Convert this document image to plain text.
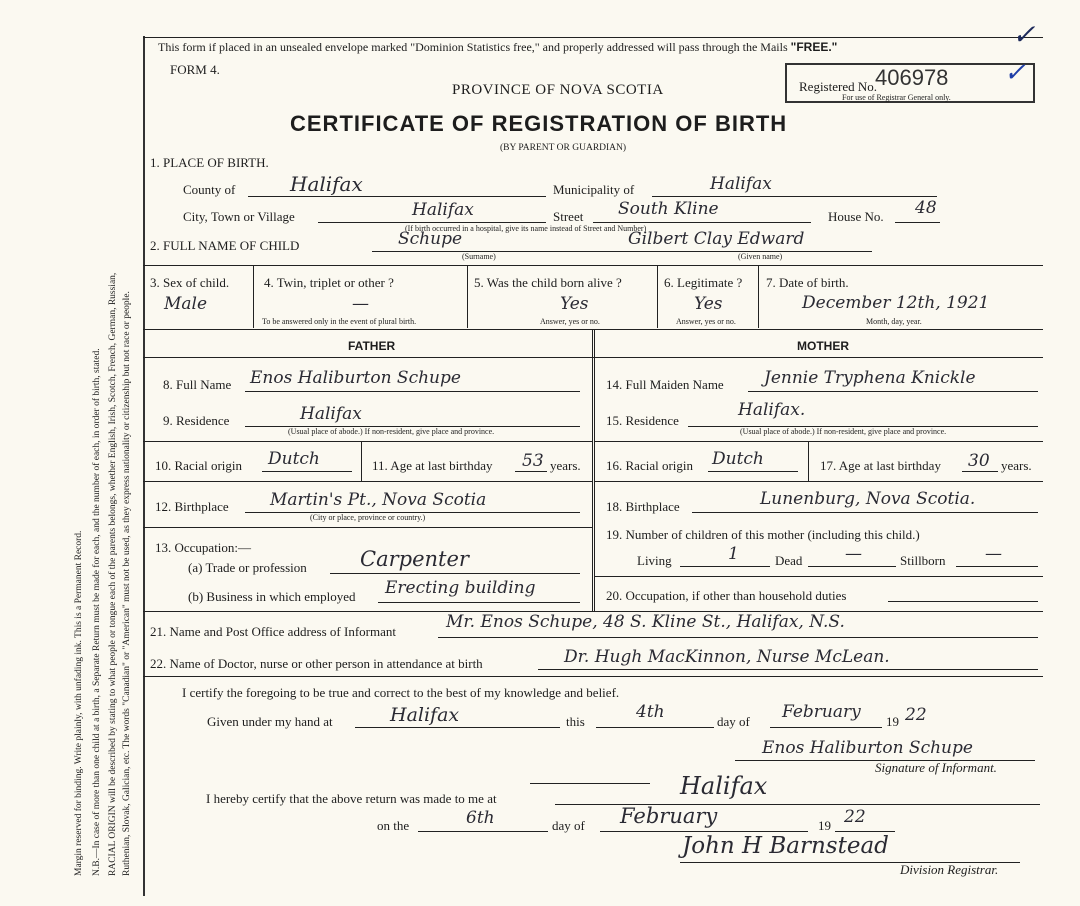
Margin reserved for binding. Write plainly, with unfading ink. This is a Permanent Record. N.B.—In case of more than one child at a birth, a Separate Return must be made for each, and the number of each, in order of birth, stated. RACIAL ORIGIN will be described by stating to what people or tongue each of the parents belongs, whether English, Irish, Scotch, French, German, Russian, Ruthenian, Slovak, Galician, etc. The words "Canadian" or "American" must not be used, as they express nationality or citizenship but not race or people.
This form if placed in an unsealed envelope marked "Dominion Statistics free," and properly addressed will pass through the Mails "FREE."
FORM 4.
PROVINCE OF NOVA SCOTIA
CERTIFICATE OF REGISTRATION OF BIRTH
(BY PARENT OR GUARDIAN)
Registered No.
406978
For use of Registrar General only.
✓
✓
1. PLACE OF BIRTH.
County of	Halifax	Municipality of	Halifax
City, Town or Village	Halifax	Street South Kline	House No. 48
(If birth occurred in a hospital, give its name instead of Street and Number)
2. FULL NAME OF CHILD	Schupe	Gilbert Clay Edward
(Surname)	(Given name)
3. Sex of child.
Male
4. Twin, triplet or other ?
—
To be answered only in the event of plural birth.
5. Was the child born alive ?
Yes
Answer, yes or no.
6. Legitimate ?
Yes
Answer, yes or no.
7. Date of birth.
December 12th, 1921
Month, day, year.
FATHER	MOTHER
8. Full Name Enos Haliburton Schupe
9. Residence	Halifax
(Usual place of abode.) If non-resident, give place and province.
10. Racial origin Dutch	11. Age at last birthday 53 years.
12. Birthplace Martin's Pt., Nova Scotia
(City or place, province or country.)
13. Occupation:—
(a) Trade or profession	Carpenter
(b) Business in which employed Erecting building
14. Full Maiden Name Jennie Tryphena Knickle
15. Residence
Halifax.
(Usual place of abode.) If non-resident, give place and province.
16. Racial origin Dutch	17. Age at last birthday 30 years.
18. Birthplace	Lunenburg, Nova Scotia.
19. Number of children of this mother (including this child.)
Living	1	Dead	—	Stillborn —
20. Occupation, if other than household duties
21. Name and Post Office address of Informant	Mr. Enos Schupe, 48 S. Kline St., Halifax, N.S.
22. Name of Doctor, nurse or other person in attendance at birth	Dr. Hugh MacKinnon, Nurse McLean.
I certify the foregoing to be true and correct to the best of my knowledge and belief.
Given under my hand at	Halifax	this	4th	day of February 19 22
Enos Haliburton Schupe
Signature of Informant.
I hereby certify that the above return was made to me at	Halifax
on the	6th	day of February	19 22
John H Barnstead
Division Registrar.
